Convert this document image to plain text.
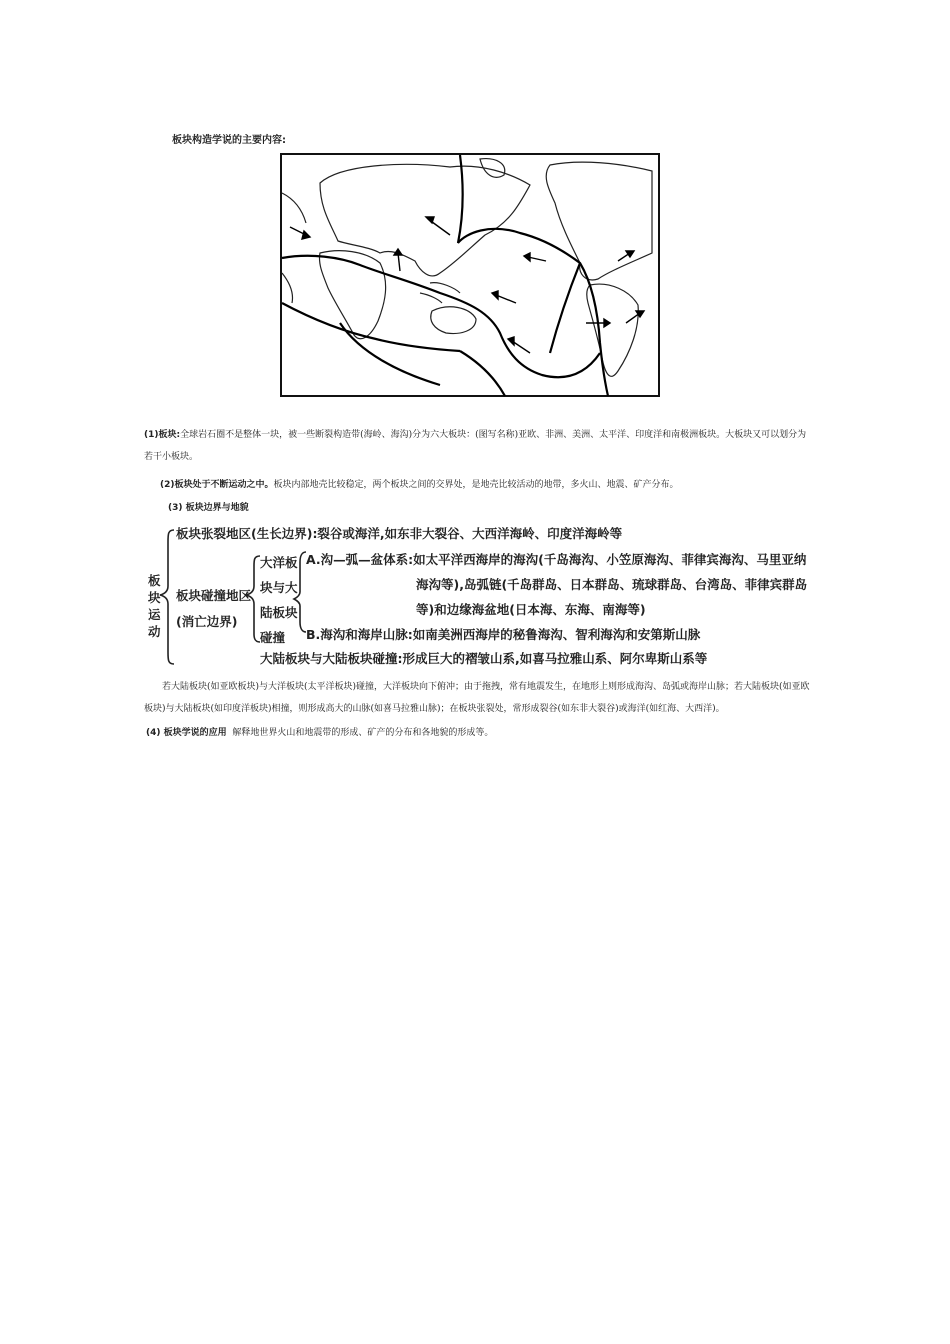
板块构造学说的主要内容:
(1)板块:全球岩石圈不是整体一块，被一些断裂构造带(海岭、海沟)分为六大板块：(图写名称)亚欧、非洲、美洲、太平洋、印度洋和南极洲板块。大板块又可以划分为若干小板块。
(2)板块处于不断运动之中。板块内部地壳比较稳定，两个板块之间的交界处，是地壳比较活动的地带，多火山、地震、矿产分布。
(3) 板块边界与地貌
板
块
运
动
板块张裂地区(生长边界):裂谷或海洋,如东非大裂谷、大西洋海岭、印度洋海岭等
板块碰撞地区
(消亡边界)
大洋板
块与大
陆板块
碰撞
A.沟—弧—盆体系:如太平洋西海岸的海沟(千岛海沟、小笠原海沟、菲律宾海沟、马里亚纳
海沟等),岛弧链(千岛群岛、日本群岛、琉球群岛、台湾岛、菲律宾群岛
等)和边缘海盆地(日本海、东海、南海等)
B.海沟和海岸山脉:如南美洲西海岸的秘鲁海沟、智利海沟和安第斯山脉
大陆板块与大陆板块碰撞:形成巨大的褶皱山系,如喜马拉雅山系、阿尔卑斯山系等
若大陆板块(如亚欧板块)与大洋板块(太平洋板块)碰撞，大洋板块向下俯冲；由于拖拽，常有地震发生，在地形上则形成海沟、岛弧或海岸山脉；若大陆板块(如亚欧板块)与大陆板块(如印度洋板块)相撞，则形成高大的山脉(如喜马拉雅山脉)；在板块张裂处，常形成裂谷(如东非大裂谷)或海洋(如红海、大西洋)。
(4) 板块学说的应用 解释地世界火山和地震带的形成、矿产的分布和各地貌的形成等。
